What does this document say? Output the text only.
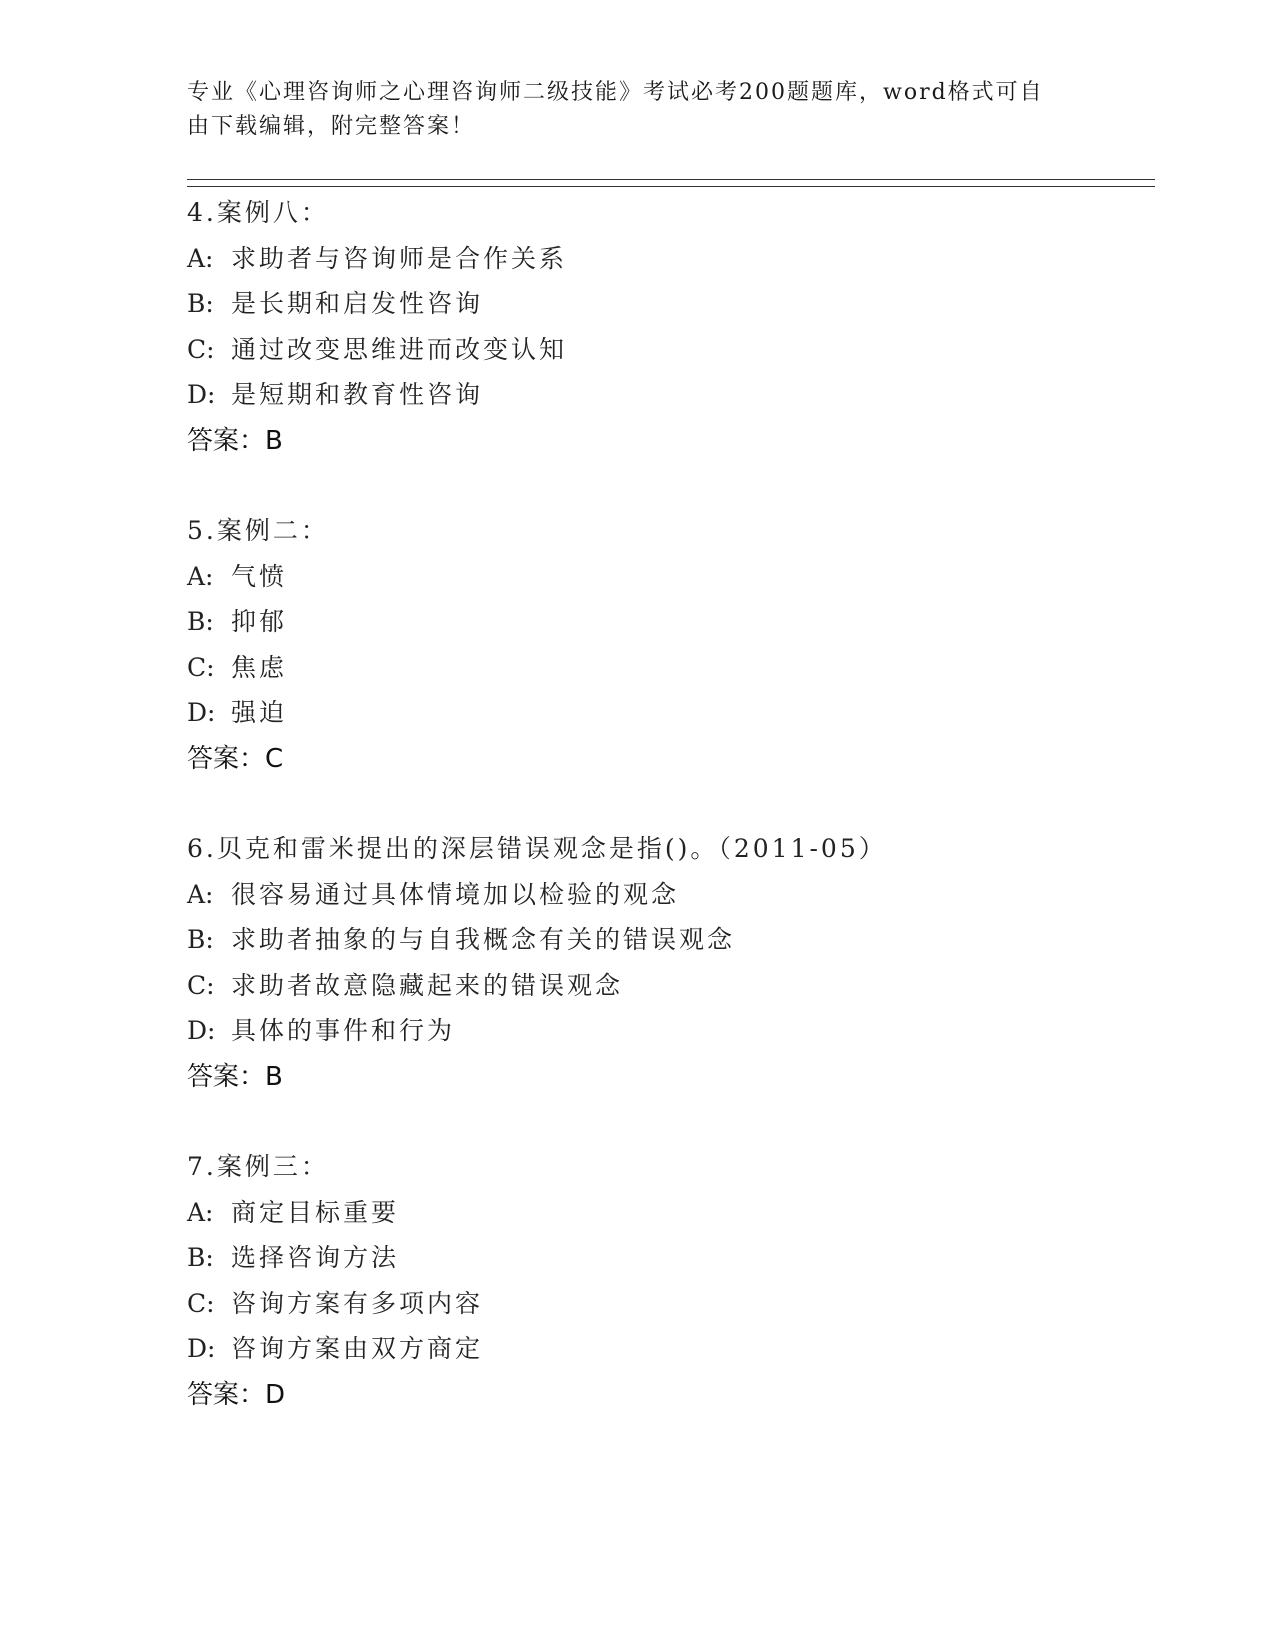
专业《心理咨询师之心理咨询师二级技能》考试必考200题题库，word格式可自
由下载编辑，附完整答案！
4.案例八：
A: 求助者与咨询师是合作关系
B: 是长期和启发性咨询
C: 通过改变思维进而改变认知
D: 是短期和教育性咨询
答案：B
5.案例二：
A: 气愤
B: 抑郁
C: 焦虑
D: 强迫
答案：C
6.贝克和雷米提出的深层错误观念是指()。（2011-05）
A: 很容易通过具体情境加以检验的观念
B: 求助者抽象的与自我概念有关的错误观念
C: 求助者故意隐藏起来的错误观念
D: 具体的事件和行为
答案：B
7.案例三：
A: 商定目标重要
B: 选择咨询方法
C: 咨询方案有多项内容
D: 咨询方案由双方商定
答案：D
